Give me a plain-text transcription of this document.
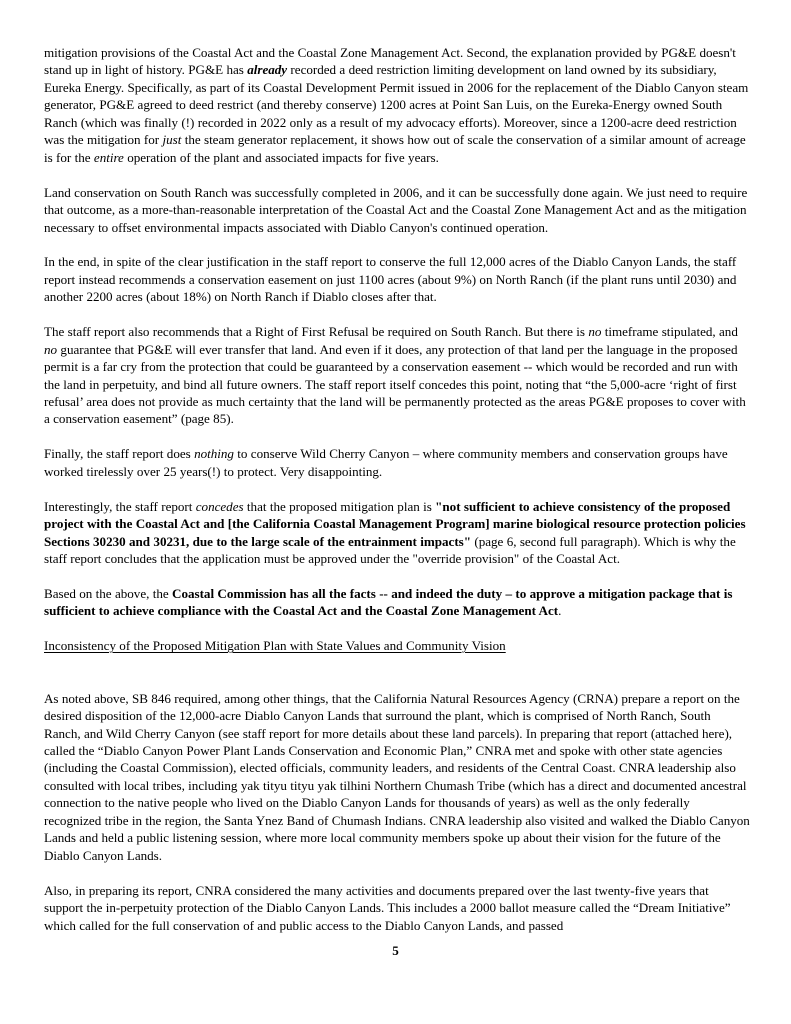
mitigation provisions of the Coastal Act and the Coastal Zone Management Act. Second, the explanation provided by PG&E doesn't stand up in light of history. PG&E has already recorded a deed restriction limiting development on land owned by its subsidiary, Eureka Energy. Specifically, as part of its Coastal Development Permit issued in 2006 for the replacement of the Diablo Canyon steam generator, PG&E agreed to deed restrict (and thereby conserve) 1200 acres at Point San Luis, on the Eureka-Energy owned South Ranch (which was finally (!) recorded in 2022 only as a result of my advocacy efforts). Moreover, since a 1200-acre deed restriction was the mitigation for just the steam generator replacement, it shows how out of scale the conservation of a similar amount of acreage is for the entire operation of the plant and associated impacts for five years.

Land conservation on South Ranch was successfully completed in 2006, and it can be successfully done again. We just need to require that outcome, as a more-than-reasonable interpretation of the Coastal Act and the Coastal Zone Management Act and as the mitigation necessary to offset environmental impacts associated with Diablo Canyon's continued operation.

In the end, in spite of the clear justification in the staff report to conserve the full 12,000 acres of the Diablo Canyon Lands, the staff report instead recommends a conservation easement on just 1100 acres (about 9%) on North Ranch (if the plant runs until 2030) and another 2200 acres (about 18%) on North Ranch if Diablo closes after that.

The staff report also recommends that a Right of First Refusal be required on South Ranch. But there is no timeframe stipulated, and no guarantee that PG&E will ever transfer that land. And even if it does, any protection of that land per the language in the proposed permit is a far cry from the protection that could be guaranteed by a conservation easement -- which would be recorded and run with the land in perpetuity, and bind all future owners. The staff report itself concedes this point, noting that “the 5,000-acre ‘right of first refusal’ area does not provide as much certainty that the land will be permanently protected as the areas PG&E proposes to cover with a conservation easement” (page 85).

Finally, the staff report does nothing to conserve Wild Cherry Canyon – where community members and conservation groups have worked tirelessly over 25 years(!) to protect. Very disappointing.

Interestingly, the staff report concedes that the proposed mitigation plan is "not sufficient to achieve consistency of the proposed project with the Coastal Act and [the California Coastal Management Program] marine biological resource protection policies Sections 30230 and 30231, due to the large scale of the entrainment impacts" (page 6, second full paragraph). Which is why the staff report concludes that the application must be approved under the "override provision" of the Coastal Act.

Based on the above, the Coastal Commission has all the facts -- and indeed the duty – to approve a mitigation package that is sufficient to achieve compliance with the Coastal Act and the Coastal Zone Management Act.

Inconsistency of the Proposed Mitigation Plan with State Values and Community Vision

As noted above, SB 846 required, among other things, that the California Natural Resources Agency (CRNA) prepare a report on the desired disposition of the 12,000-acre Diablo Canyon Lands that surround the plant, which is comprised of North Ranch, South Ranch, and Wild Cherry Canyon (see staff report for more details about these land parcels). In preparing that report (attached here), called the “Diablo Canyon Power Plant Lands Conservation and Economic Plan,” CNRA met and spoke with other state agencies (including the Coastal Commission), elected officials, community leaders, and residents of the Central Coast. CNRA leadership also consulted with local tribes, including yak tityu tityu yak tilhini Northern Chumash Tribe (which has a direct and documented ancestral connection to the native people who lived on the Diablo Canyon Lands for thousands of years) as well as the only federally recognized tribe in the region, the Santa Ynez Band of Chumash Indians. CNRA leadership also visited and walked the Diablo Canyon Lands and held a public listening session, where more local community members spoke up about their vision for the future of the Diablo Canyon Lands.

Also, in preparing its report, CNRA considered the many activities and documents prepared over the last twenty-five years that support the in-perpetuity protection of the Diablo Canyon Lands. This includes a 2000 ballot measure called the “Dream Initiative” which called for the full conservation of and public access to the Diablo Canyon Lands, and passed

5
